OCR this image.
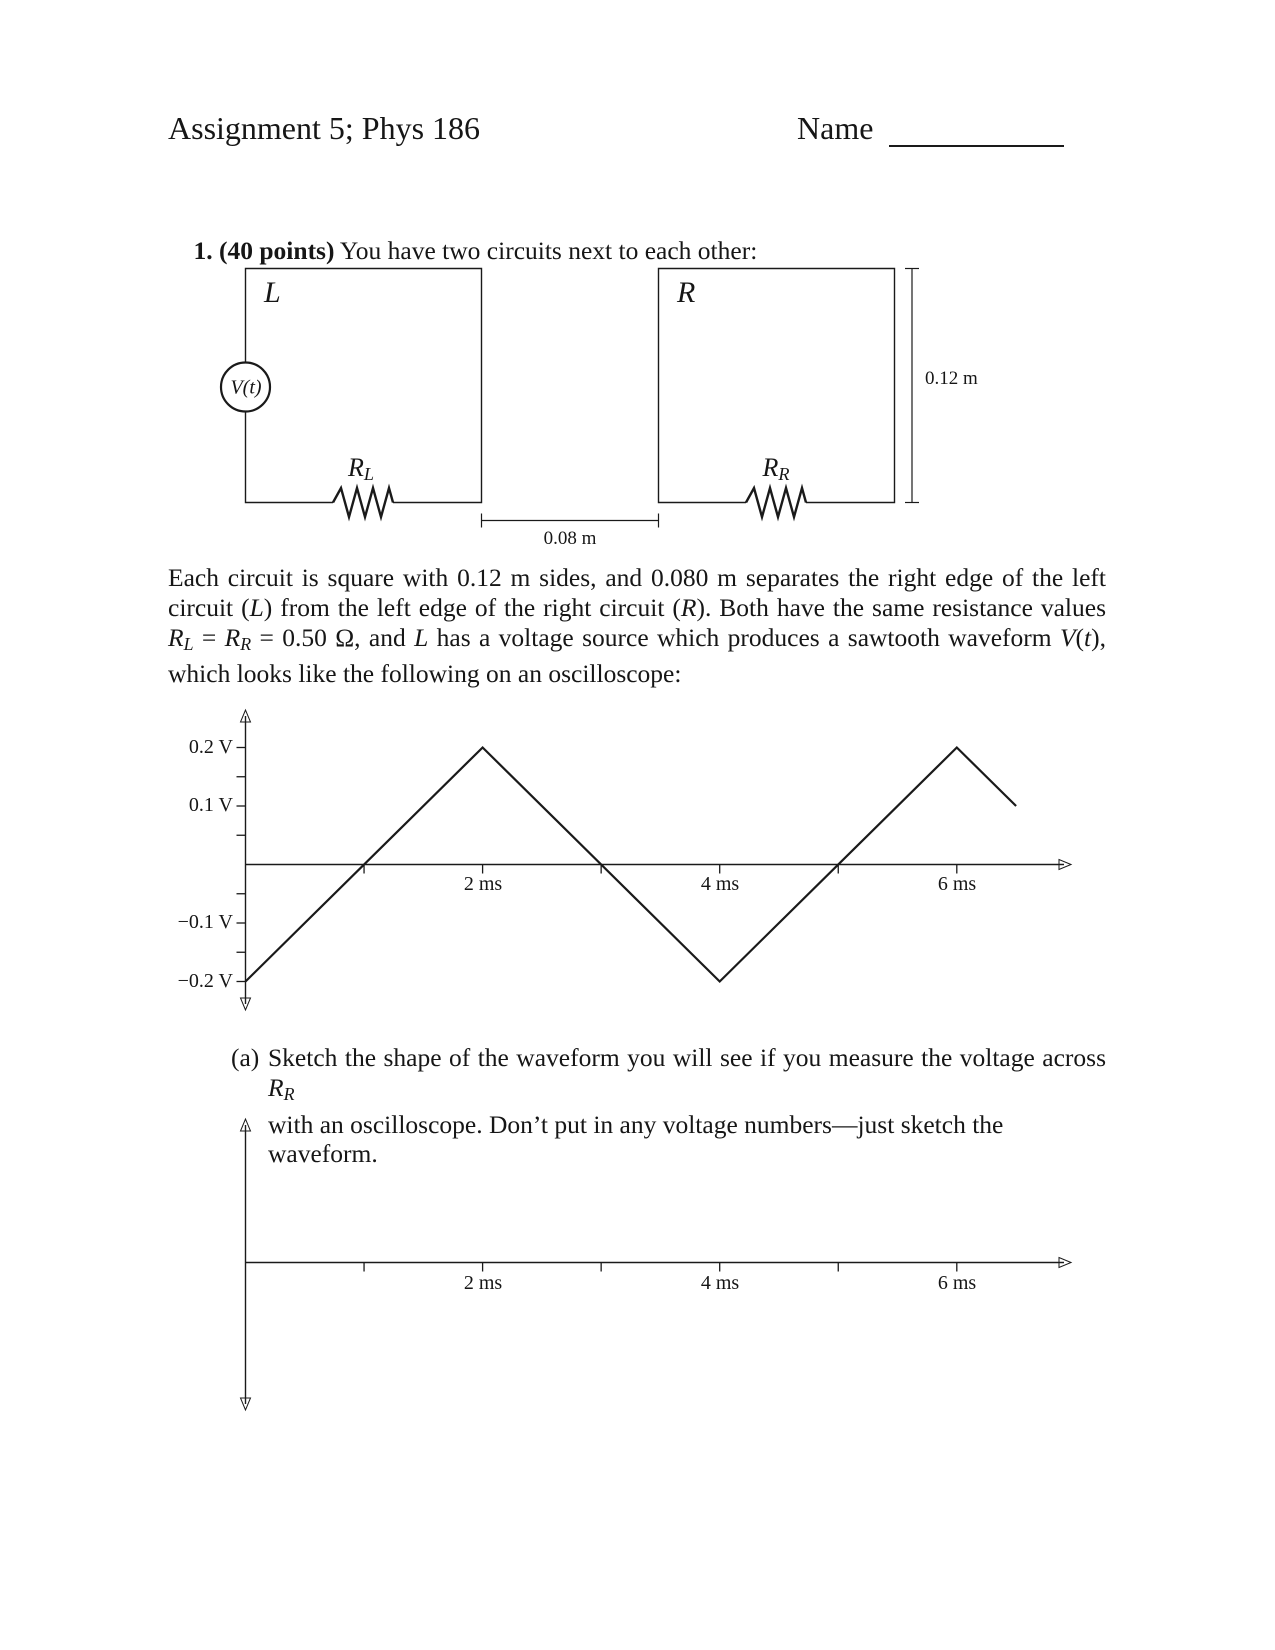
Assignment 5; Phys 186	Name

1. (40 points) You have two circuits next to each other:

L	R
V(t)
RL	RR
0.12 m
0.08 m
Each circuit is square with 0.12 m sides, and 0.080 m separates the right edge of the left
circuit (L) from the left edge of the right circuit (R). Both have the same resistance values
RL = RR = 0.50 Ω, and L has a voltage source which produces a sawtooth waveform V(t),
which looks like the following on an oscilloscope:
0.2 V
0.1 V
−0.1 V
−0.2 V
2 ms	4 ms	6 ms
(a) Sketch the shape of the waveform you will see if you measure the voltage across RR
with an oscilloscope. Don’t put in any voltage numbers—just sketch the waveform.
2 ms	4 ms	6 ms
